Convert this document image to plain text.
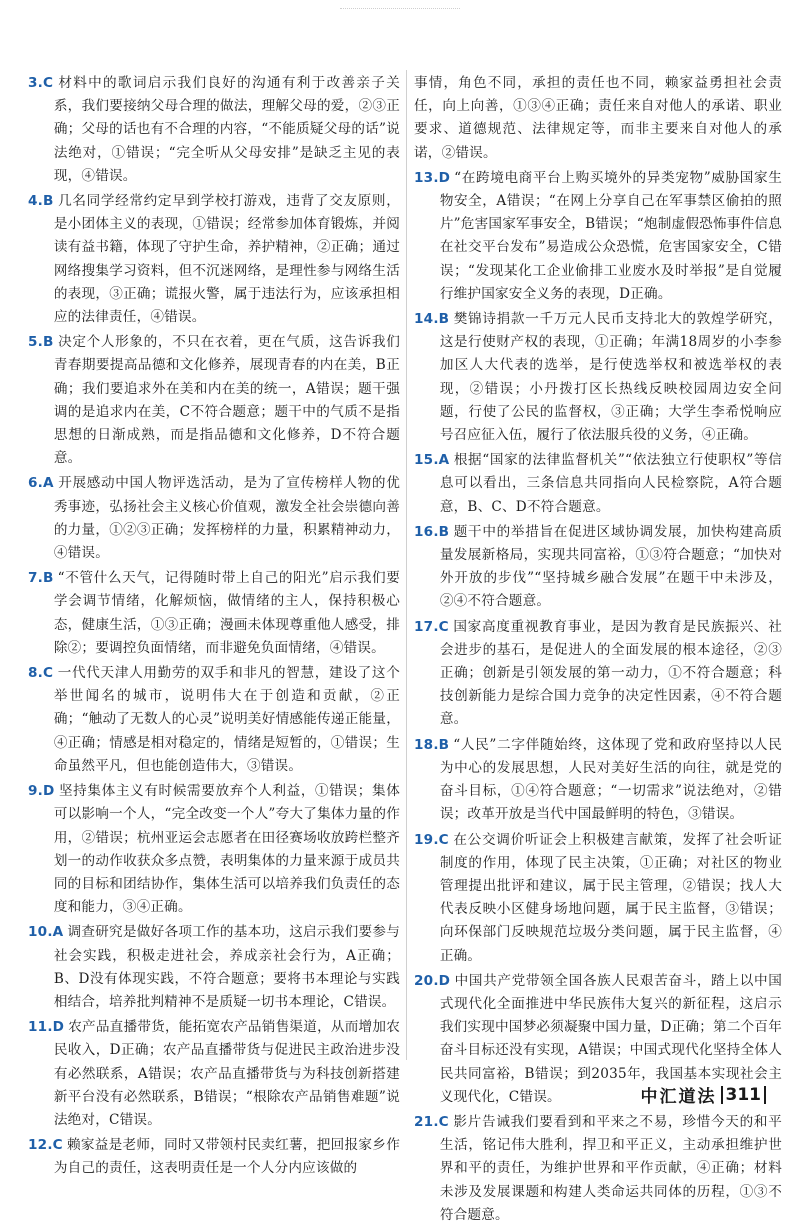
3.C 材料中的歌词启示我们良好的沟通有利于改善亲子关系，我们要接纳父母合理的做法，理解父母的爱，②③正确；父母的话也有不合理的内容，“不能质疑父母的话”说法绝对，①错误；“完全听从父母安排”是缺乏主见的表现，④错误。

4.B 几名同学经常约定早到学校打游戏，违背了交友原则，是小团体主义的表现，①错误；经常参加体育锻炼，并阅读有益书籍，体现了守护生命，养护精神，②正确；通过网络搜集学习资料，但不沉迷网络，是理性参与网络生活的表现，③正确；谎报火警，属于违法行为，应该承担相应的法律责任，④错误。

5.B 决定个人形象的，不只在衣着，更在气质，这告诉我们青春期要提高品德和文化修养，展现青春的内在美，B正确；我们要追求外在美和内在美的统一，A错误；题干强调的是追求内在美，C不符合题意；题干中的气质不是指思想的日渐成熟，而是指品德和文化修养，D不符合题意。

6.A 开展感动中国人物评选活动，是为了宣传榜样人物的优秀事迹，弘扬社会主义核心价值观，激发全社会崇德向善的力量，①②③正确；发挥榜样的力量，积累精神动力，④错误。

7.B “不管什么天气，记得随时带上自己的阳光”启示我们要学会调节情绪，化解烦恼，做情绪的主人，保持积极心态，健康生活，①③正确；漫画未体现尊重他人感受，排除②；要调控负面情绪，而非避免负面情绪，④错误。

8.C 一代代天津人用勤劳的双手和非凡的智慧，建设了这个举世闻名的城市，说明伟大在于创造和贡献，②正确；“触动了无数人的心灵”说明美好情感能传递正能量，④正确；情感是相对稳定的，情绪是短暂的，①错误；生命虽然平凡，但也能创造伟大，③错误。

9.D 坚持集体主义有时候需要放弃个人利益，①错误；集体可以影响一个人，“完全改变一个人”夸大了集体力量的作用，②错误；杭州亚运会志愿者在田径赛场收放跨栏整齐划一的动作收获众多点赞，表明集体的力量来源于成员共同的目标和团结协作，集体生活可以培养我们负责任的态度和能力，③④正确。

10.A 调查研究是做好各项工作的基本功，这启示我们要参与社会实践，积极走进社会，养成亲社会行为，A正确；B、D没有体现实践，不符合题意；要将书本理论与实践相结合，培养批判精神不是质疑一切书本理论，C错误。

11.D 农产品直播带货，能拓宽农产品销售渠道，从而增加农民收入，D正确；农产品直播带货与促进民主政治进步没有必然联系，A错误；农产品直播带货与为科技创新搭建新平台没有必然联系，B错误；“根除农产品销售难题”说法绝对，C错误。

12.C 赖家益是老师，同时又带领村民卖红薯，把回报家乡作为自己的责任，这表明责任是一个人分内应该做的

事情，角色不同，承担的责任也不同，赖家益勇担社会责任，向上向善，①③④正确；责任来自对他人的承诺、职业要求、道德规范、法律规定等，而非主要来自对他人的承诺，②错误。

13.D “在跨境电商平台上购买境外的异类宠物”威胁国家生物安全，A错误；“在网上分享自己在军事禁区偷拍的照片”危害国家军事安全，B错误；“炮制虚假恐怖事件信息在社交平台发布”易造成公众恐慌，危害国家安全，C错误；“发现某化工企业偷排工业废水及时举报”是自觉履行维护国家安全义务的表现，D正确。

14.B 樊锦诗捐款一千万元人民币支持北大的敦煌学研究，这是行使财产权的表现，①正确；年满18周岁的小李参加区人大代表的选举，是行使选举权和被选举权的表现，②错误；小丹拨打区长热线反映校园周边安全问题，行使了公民的监督权，③正确；大学生李希悦响应号召应征入伍，履行了依法服兵役的义务，④正确。

15.A 根据“国家的法律监督机关”“依法独立行使职权”等信息可以看出，三条信息共同指向人民检察院，A符合题意，B、C、D不符合题意。

16.B 题干中的举措旨在促进区域协调发展，加快构建高质量发展新格局，实现共同富裕，①③符合题意；“加快对外开放的步伐”“坚持城乡融合发展”在题干中未涉及，②④不符合题意。

17.C 国家高度重视教育事业，是因为教育是民族振兴、社会进步的基石，是促进人的全面发展的根本途径，②③正确；创新是引领发展的第一动力，①不符合题意；科技创新能力是综合国力竞争的决定性因素，④不符合题意。

18.B “人民”二字伴随始终，这体现了党和政府坚持以人民为中心的发展思想，人民对美好生活的向往，就是党的奋斗目标，①④符合题意；“一切需求”说法绝对，②错误；改革开放是当代中国最鲜明的特色，③错误。

19.C 在公交调价听证会上积极建言献策，发挥了社会听证制度的作用，体现了民主决策，①正确；对社区的物业管理提出批评和建议，属于民主管理，②错误；找人大代表反映小区健身场地问题，属于民主监督，③错误；向环保部门反映规范垃圾分类问题，属于民主监督，④正确。

20.D 中国共产党带领全国各族人民艰苦奋斗，踏上以中国式现代化全面推进中华民族伟大复兴的新征程，这启示我们实现中国梦必须凝聚中国力量，D正确；第二个百年奋斗目标还没有实现，A错误；中国式现代化坚持全体人民共同富裕，B错误；到2035年，我国基本实现社会主义现代化，C错误。

21.C 影片告诫我们要看到和平来之不易，珍惜今天的和平生活，铭记伟大胜利，捍卫和平正义，主动承担维护世界和平的责任，为维护世界和平作贡献，④正确；材料未涉及发展课题和构建人类命运共同体的历程，①③不符合题意。

中汇道法 311
